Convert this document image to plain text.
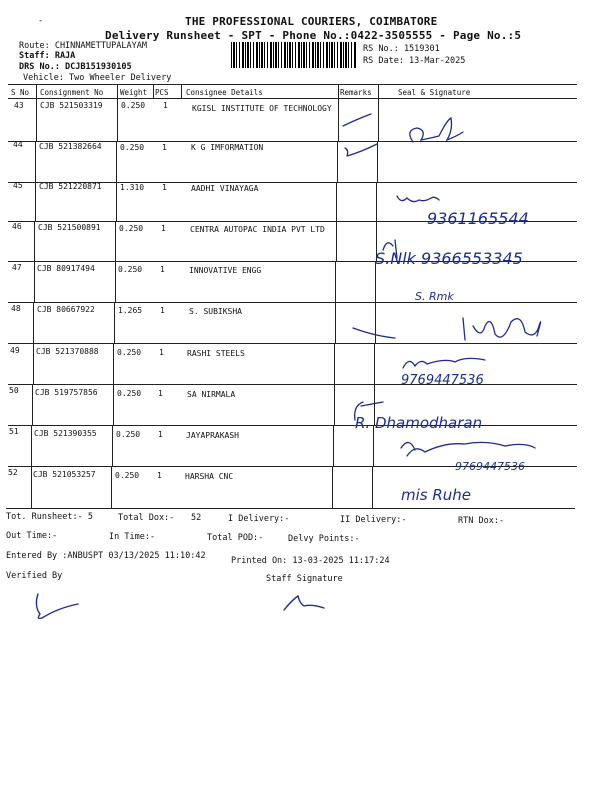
-	THE PROFESSIONAL COURIERS, COIMBATORE
Delivery Runsheet - SPT - Phone No.:0422-3505555 - Page No.:5
Route: CHINNAMETTUPALAYAM
Staff: RAJA
DRS No.: DCJB151930105
Vehicle: Two Wheeler Delivery
RS No.: 1519301
RS Date: 13-Mar-2025
S No Consignment No Weight PCS Consignee Details	Remarks	Seal & Signature
43 CJB 521503319 0.250 1	KGISL INSTITUTE OF TECHNOLOGY
44 CJB 521382664 0.250 1	K G IMFORMATION
45 CJB 521220871 1.310 1	AADHI VINAYAGA
46 CJB 521500891 0.250 1	CENTRA AUTOPAC INDIA PVT LTD
47 CJB 80917494	0.250 1	INNOVATIVE ENGG
48 CJB 80667922	1.265 1	S. SUBIKSHA
49 CJB 521370888 0.250 1	RASHI STEELS
50 CJB 519757856 0.250 1	SA NIRMALA
51 CJB 521390355 0.250 1	JAYAPRAKASH
52 CJB 521053257 0.250 1	HARSHA CNC
9361165544
S.Nlk 9366553345
S. Rmk
9769447536
R. Dhamodharan
9769447536
mis Ruhe
Tot. Runsheet:- 5	Total Dox:- 52	I Delivery:-	II Delivery:-	RTN Dox:-
Out Time:-	In Time:-	Total POD:-	Delvy Points:-
Entered By :ANBUSPT 03/13/2025 11:10:42	Printed On: 13-03-2025 11:17:24
Verified By	Staff Signature
